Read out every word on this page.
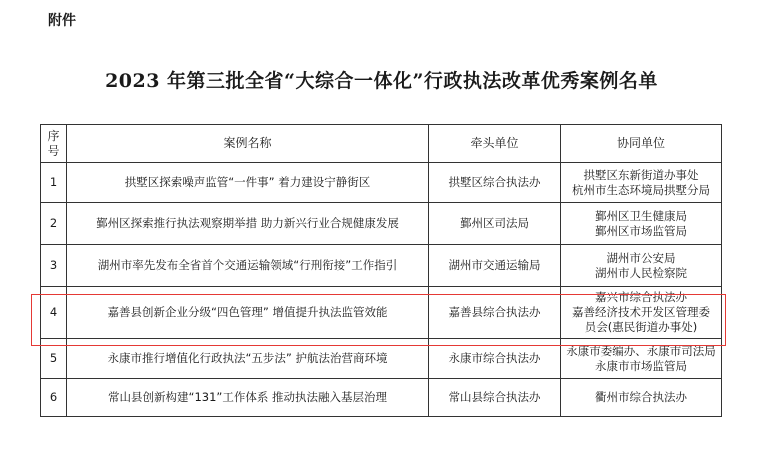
附件
2023 年第三批全省“大综合一体化”行政执法改革优秀案例名单
序
号	案例名称	牵头单位	协同单位
1	拱墅区探索噪声监管“一件事” 着力建设宁静街区	拱墅区综合执法办	拱墅区东新街道办事处
杭州市生态环境局拱墅分局

2	鄞州区探索推行执法观察期举措 助力新兴行业合规健康发展	鄞州区司法局	鄞州区卫生健康局
鄞州区市场监管局

3	湖州市率先发布全省首个交通运输领域“行刑衔接”工作指引	湖州市交通运输局	湖州市公安局
湖州市人民检察院

4	嘉善县创新企业分级“四色管理” 增值提升执法监管效能	嘉善县综合执法办	嘉兴市综合执法办
嘉善经济技术开发区管理委
员会(惠民街道办事处)

5	永康市推行增值化行政执法“五步法” 护航法治营商环境	永康市综合执法办	永康市委编办、永康市司法局
永康市市场监管局

6	常山县创新构建“131”工作体系 推动执法融入基层治理	常山县综合执法办	衢州市综合执法办
